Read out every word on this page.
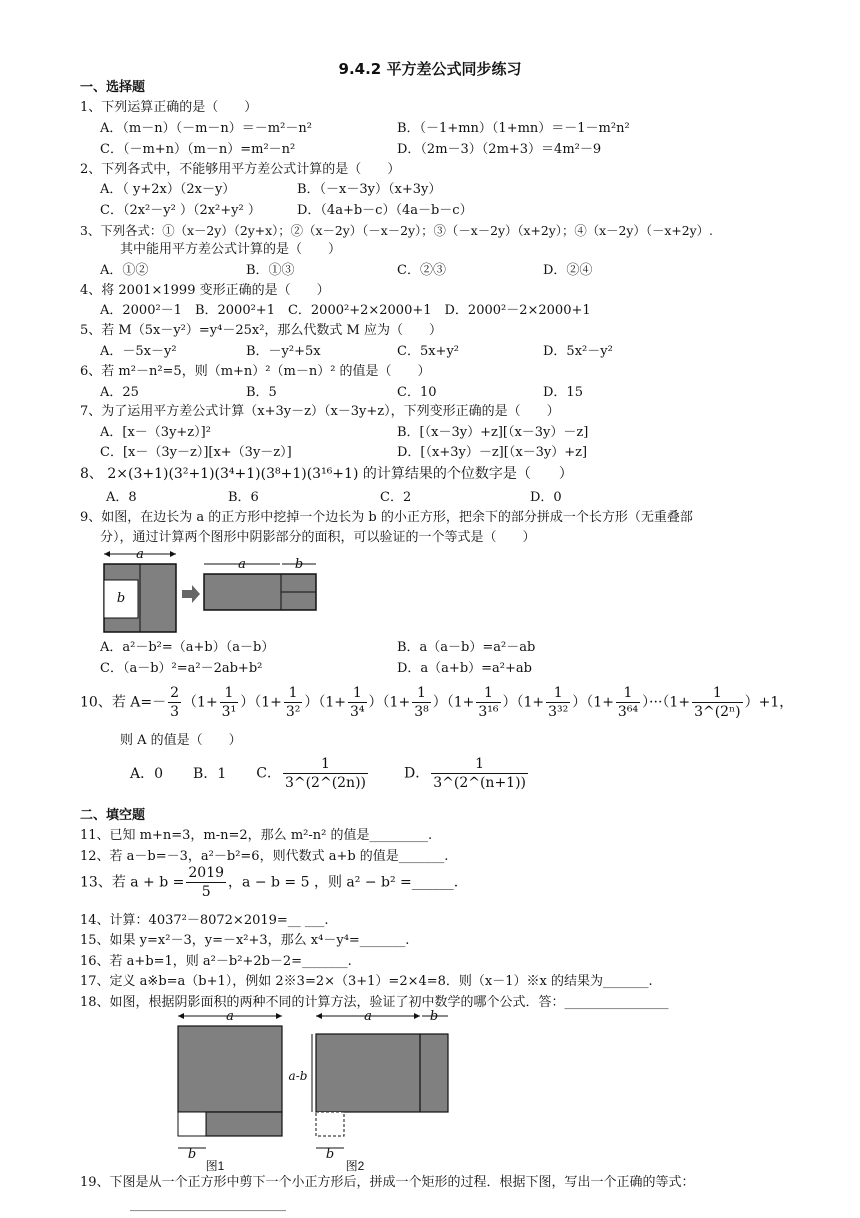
9.4.2 平方差公式同步练习
一、选择题
1、下列运算正确的是（　　）
A．（m－n）（－m－n）＝－m²－n²	B．（－1+mn）（1+mn）＝－1－m²n²
C．（－m+n）（m－n）=m²－n²	D．（2m－3）（2m+3）＝4m²－9
2、下列各式中，不能够用平方差公式计算的是（　　）
A．（ y+2x）（2x－y）	B．（－x－3y）（x+3y）
C．（2x²－y² ）（2x²+y² ）	D．（4a+b－c）（4a－b－c）
3、下列各式：①（x－2y）（2y+x）；②（x－2y）（－x－2y）；③（－x－2y）（x+2y）；④（x－2y）（－x+2y）.
其中能用平方差公式计算的是（　　）
A．①②	B．①③	C．②③	D．②④
4、将 2001×1999 变形正确的是（　　）
A．2000²－1　B．2000²+1　C．2000²+2×2000+1　D．2000²－2×2000+1
5、若 M（5x－y²）=y⁴－25x²，那么代数式 M 应为（　　）
A．－5x－y²	B．－y²+5x	C．5x+y²	D．5x²－y²
6、若 m²－n²=5，则（m+n）²（m－n）² 的值是（　　）
A．25	B．5	C．10	D．15
7、为了运用平方差公式计算（x+3y－z）（x－3y+z），下列变形正确的是（　　）
A．[x－（3y+z）]²	B．[（x－3y）+z][（x－3y）－z]
C．[x－（3y－z）][x+（3y－z）]	D．[（x+3y）－z][（x－3y）+z]
8、 2×(3+1)(3²+1)(3⁴+1)(3⁸+1)(3¹⁶+1) 的计算结果的个位数字是（　　）
A．8	B．6	C．2	D．0
9、如图，在边长为 a 的正方形中挖掉一个边长为 b 的小正方形，把余下的部分拼成一个长方形（无重叠部
分），通过计算两个图形中阴影部分的面积，可以验证的一个等式是（　　）
a
b
a	b
A．a²－b²=（a+b）（a－b）	B．a（a－b）=a²－ab
C．（a－b）²=a²－2ab+b²	D．a（a+b）=a²+ab
10、若 $A=- \frac{2}{3} (1+ \frac{1}{\text{3¹}} )(1+ \frac{1}{\text{3²}} )(1+ \frac{1}{\text{3⁴}} )(1+ \frac{1}{\text{3⁸}} )(1+ \frac{1}{\text{3¹⁶}} )(1+ \frac{1}{\text{3³²}} )(1+ \frac{1}{\text{3⁶⁴}} )\cdot\cdot\cdot(1+ \frac{1}{\text{3\textasciicircum{}(2ⁿ)}} )+1$，
则 A 的值是（　　）
A．0 B．1 C． $\frac{1}{3\^{}(2\^{}(2n))}$	D． $\frac{1}{3\^{}(2\^{}(n+1))}$
二、填空题
11、已知 m+n=3，m-n=2，那么 m²-n² 的值是_________.
12、若 a－b=－3，a²－b²=6，则代数式 a+b 的值是_______.
13、若 $a + b = \frac{2019}{5}$ ，a − b = 5 ，则 a² − b² =______.
14、计算：4037²－8072×2019=__ ___.
15、如果 y=x²－3，y=－x²+3，那么 x⁴－y⁴=_______.
16、若 a+b=1，则 a²－b²+2b－2=_______.
17、定义 a※b=a（b+1），例如 2※3=2×（3+1）=2×4=8．则（x－1）※x 的结果为_______.
18、如图，根据阴影面积的两种不同的计算方法，验证了初中数学的哪个公式．答：________________
a
b
图1
a	b
a-b
b
图2
19、下图是从一个正方形中剪下一个小正方形后，拼成一个矩形的过程．根据下图，写出一个正确的等式：
________________________
